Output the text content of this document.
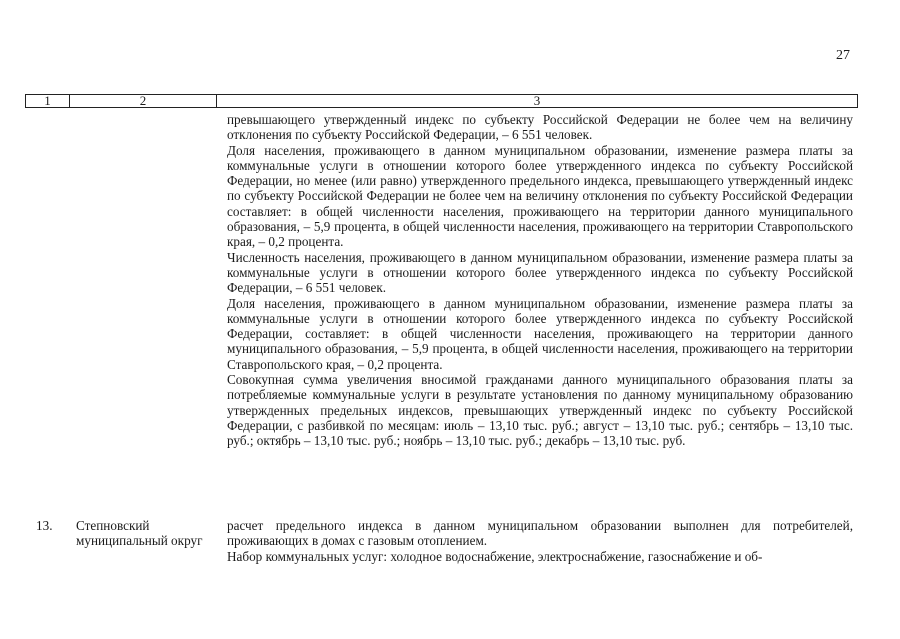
27
1	2	3

превышающего утвержденный индекс по субъекту Российской Федерации не более чем на величину отклонения по субъекту Российской Федерации, – 6 551 человек.

Доля населения, проживающего в данном муниципальном образовании, изменение размера платы за коммунальные услуги в отношении которого более утвержденного индекса по субъекту Российской Федерации, но менее (или равно) утвержденного предельного индекса, превышающего утвержденный индекс по субъекту Российской Федерации не более чем на величину отклонения по субъекту Российской Федерации составляет: в общей численности населения, проживающего на территории данного муниципального образования, – 5,9 процента, в общей численности населения, проживающего на территории Ставропольского края, – 0,2 процента.

Численность населения, проживающего в данном муниципальном образовании, изменение размера платы за коммунальные услуги в отношении которого более утвержденного индекса по субъекту Российской Федерации, – 6 551 человек.

Доля населения, проживающего в данном муниципальном образовании, изменение размера платы за коммунальные услуги в отношении которого более утвержденного индекса по субъекту Российской Федерации, составляет: в общей численности населения, проживающего на территории данного муниципального образования, – 5,9 процента, в общей численности населения, проживающего на территории Ставропольского края, – 0,2 процента.

Совокупная сумма увеличения вносимой гражданами данного муниципального образования платы за потребляемые коммунальные услуги в результате установления по данному муниципальному образованию утвержденных предельных индексов, превышающих утвержденный индекс по субъекту Российской Федерации, с разбивкой по месяцам: июль – 13,10 тыс. руб.; август – 13,10 тыс. руб.; сентябрь – 13,10 тыс. руб.; октябрь – 13,10 тыс. руб.; ноябрь – 13,10 тыс. руб.; декабрь – 13,10 тыс. руб.

13. Степновский муниципальный округ

расчет предельного индекса в данном муниципальном образовании выполнен для потребителей, проживающих в домах с газовым отоплением.

Набор коммунальных услуг: холодное водоснабжение, электроснабжение, газоснабжение и об-
